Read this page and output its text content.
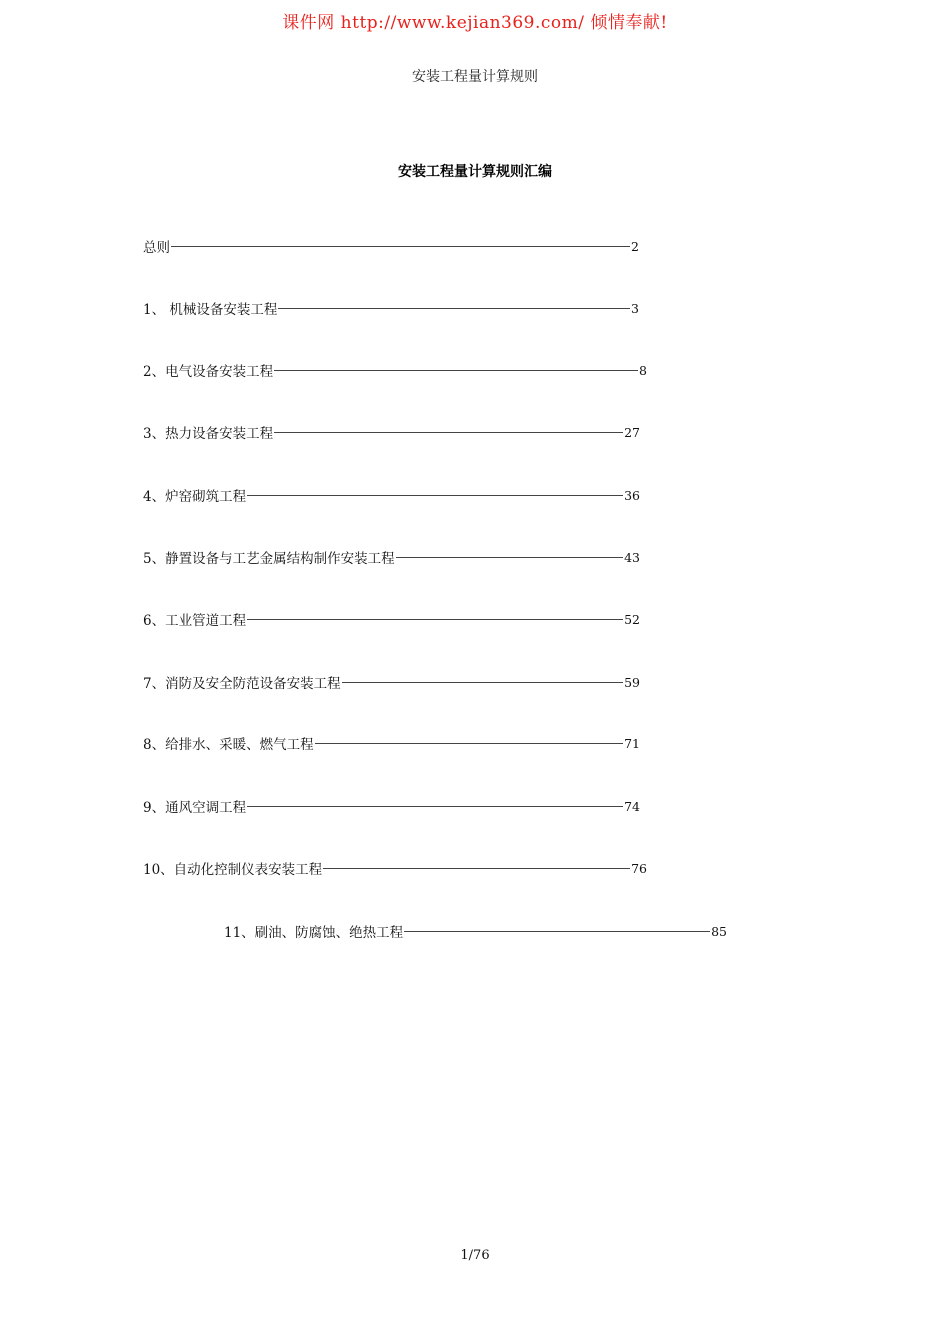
课件网 http://www.kejian369.com/ 倾情奉献!
安装工程量计算规则
安装工程量计算规则汇编
总则	2
1、 机械设备安装工程	3
2、电气设备安装工程	8
3、热力设备安装工程	27
4、炉窑砌筑工程	36
5、静置设备与工艺金属结构制作安装工程	43
6、工业管道工程	52
7、消防及安全防范设备安装工程	59
8、给排水、采暖、燃气工程	71
9、通风空调工程	74
10、自动化控制仪表安装工程	76
11、刷油、防腐蚀、绝热工程	85
1/76
